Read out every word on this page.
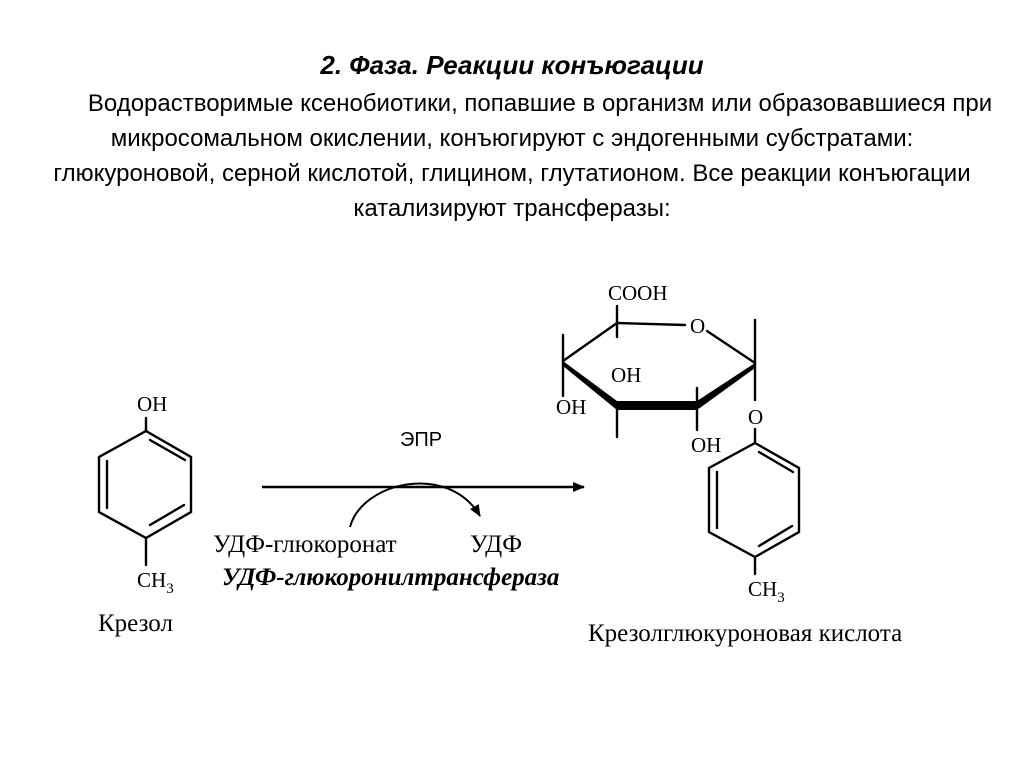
2. Фаза. Реакции конъюгации

Водорастворимые ксенобиотики, попавшие в организм или образовавшиеся при микросомальном окислении, конъюгируют с эндогенными субстратами: глюкуроновой, серной кислотой, глицином, глутатионом. Все реакции конъюгации катализируют трансферазы:

OH
$CH_3$
Крезол
ЭПР
УДФ-глюкоронат	УДФ
УДФ-глюкоронилтрансфераза
COOH
O
OH
OH
OH
O
$CH_3$
Крезолглюкуроновая кислота
